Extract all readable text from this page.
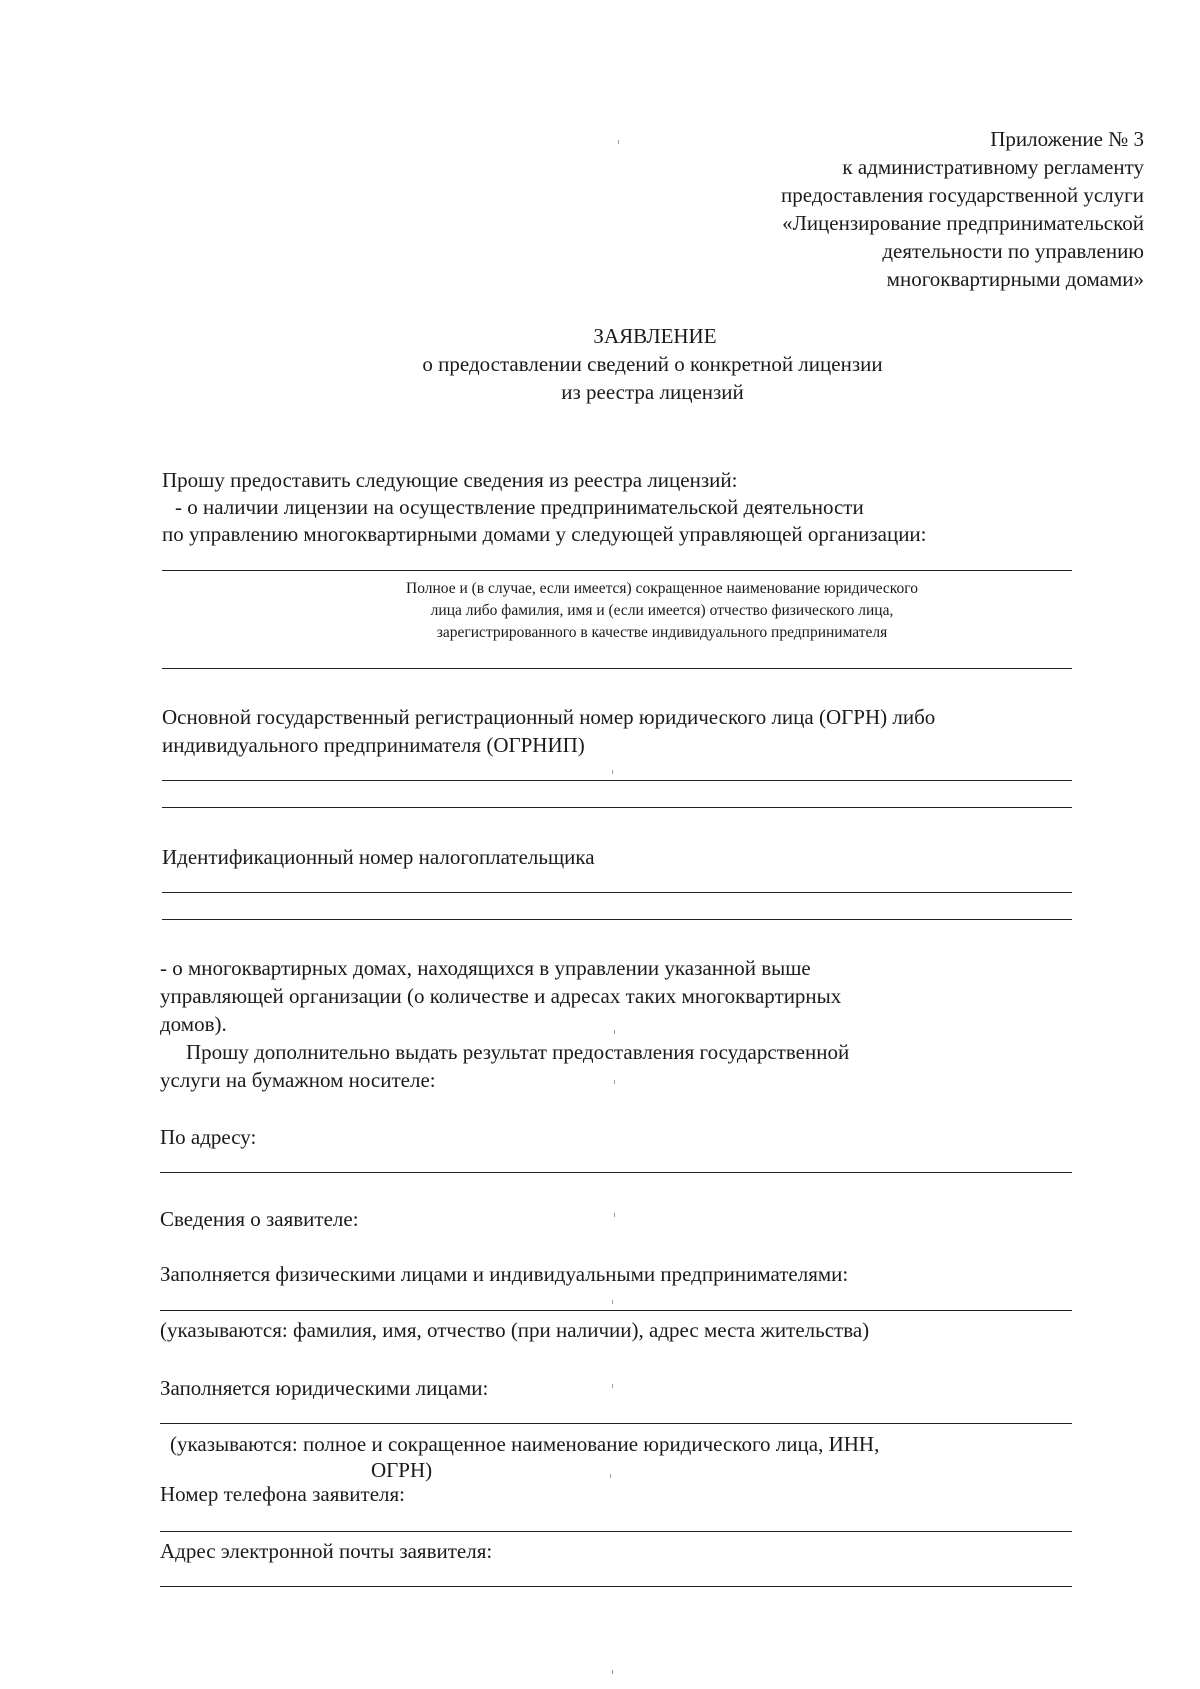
Приложение № 3
к административному регламенту
предоставления государственной услуги
«Лицензирование предпринимательской
деятельности по управлению
многоквартирными домами»
ЗАЯВЛЕНИЕ
о предоставлении сведений о конкретной лицензии
из реестра лицензий
Прошу предоставить следующие сведения из реестра лицензий:
- о наличии лицензии на осуществление предпринимательской деятельности
по управлению многоквартирными домами у следующей управляющей организации:
Полное и (в случае, если имеется) сокращенное наименование юридического
лица либо фамилия, имя и (если имеется) отчество физического лица,
зарегистрированного в качестве индивидуального предпринимателя
Основной государственный регистрационный номер юридического лица (ОГРН) либо
индивидуального предпринимателя (ОГРНИП)
Идентификационный номер налогоплательщика
- о многоквартирных домах, находящихся в управлении указанной выше
управляющей организации (о количестве и адресах таких многоквартирных
домов).
Прошу дополнительно выдать результат предоставления государственной
услуги на бумажном носителе:
По адресу:
Сведения о заявителе:
Заполняется физическими лицами и индивидуальными предпринимателями:
(указываются: фамилия, имя, отчество (при наличии), адрес места жительства)
Заполняется юридическими лицами:
(указываются: полное и сокращенное наименование юридического лица, ИНН,
ОГРН)
Номер телефона заявителя:
Адрес электронной почты заявителя:
